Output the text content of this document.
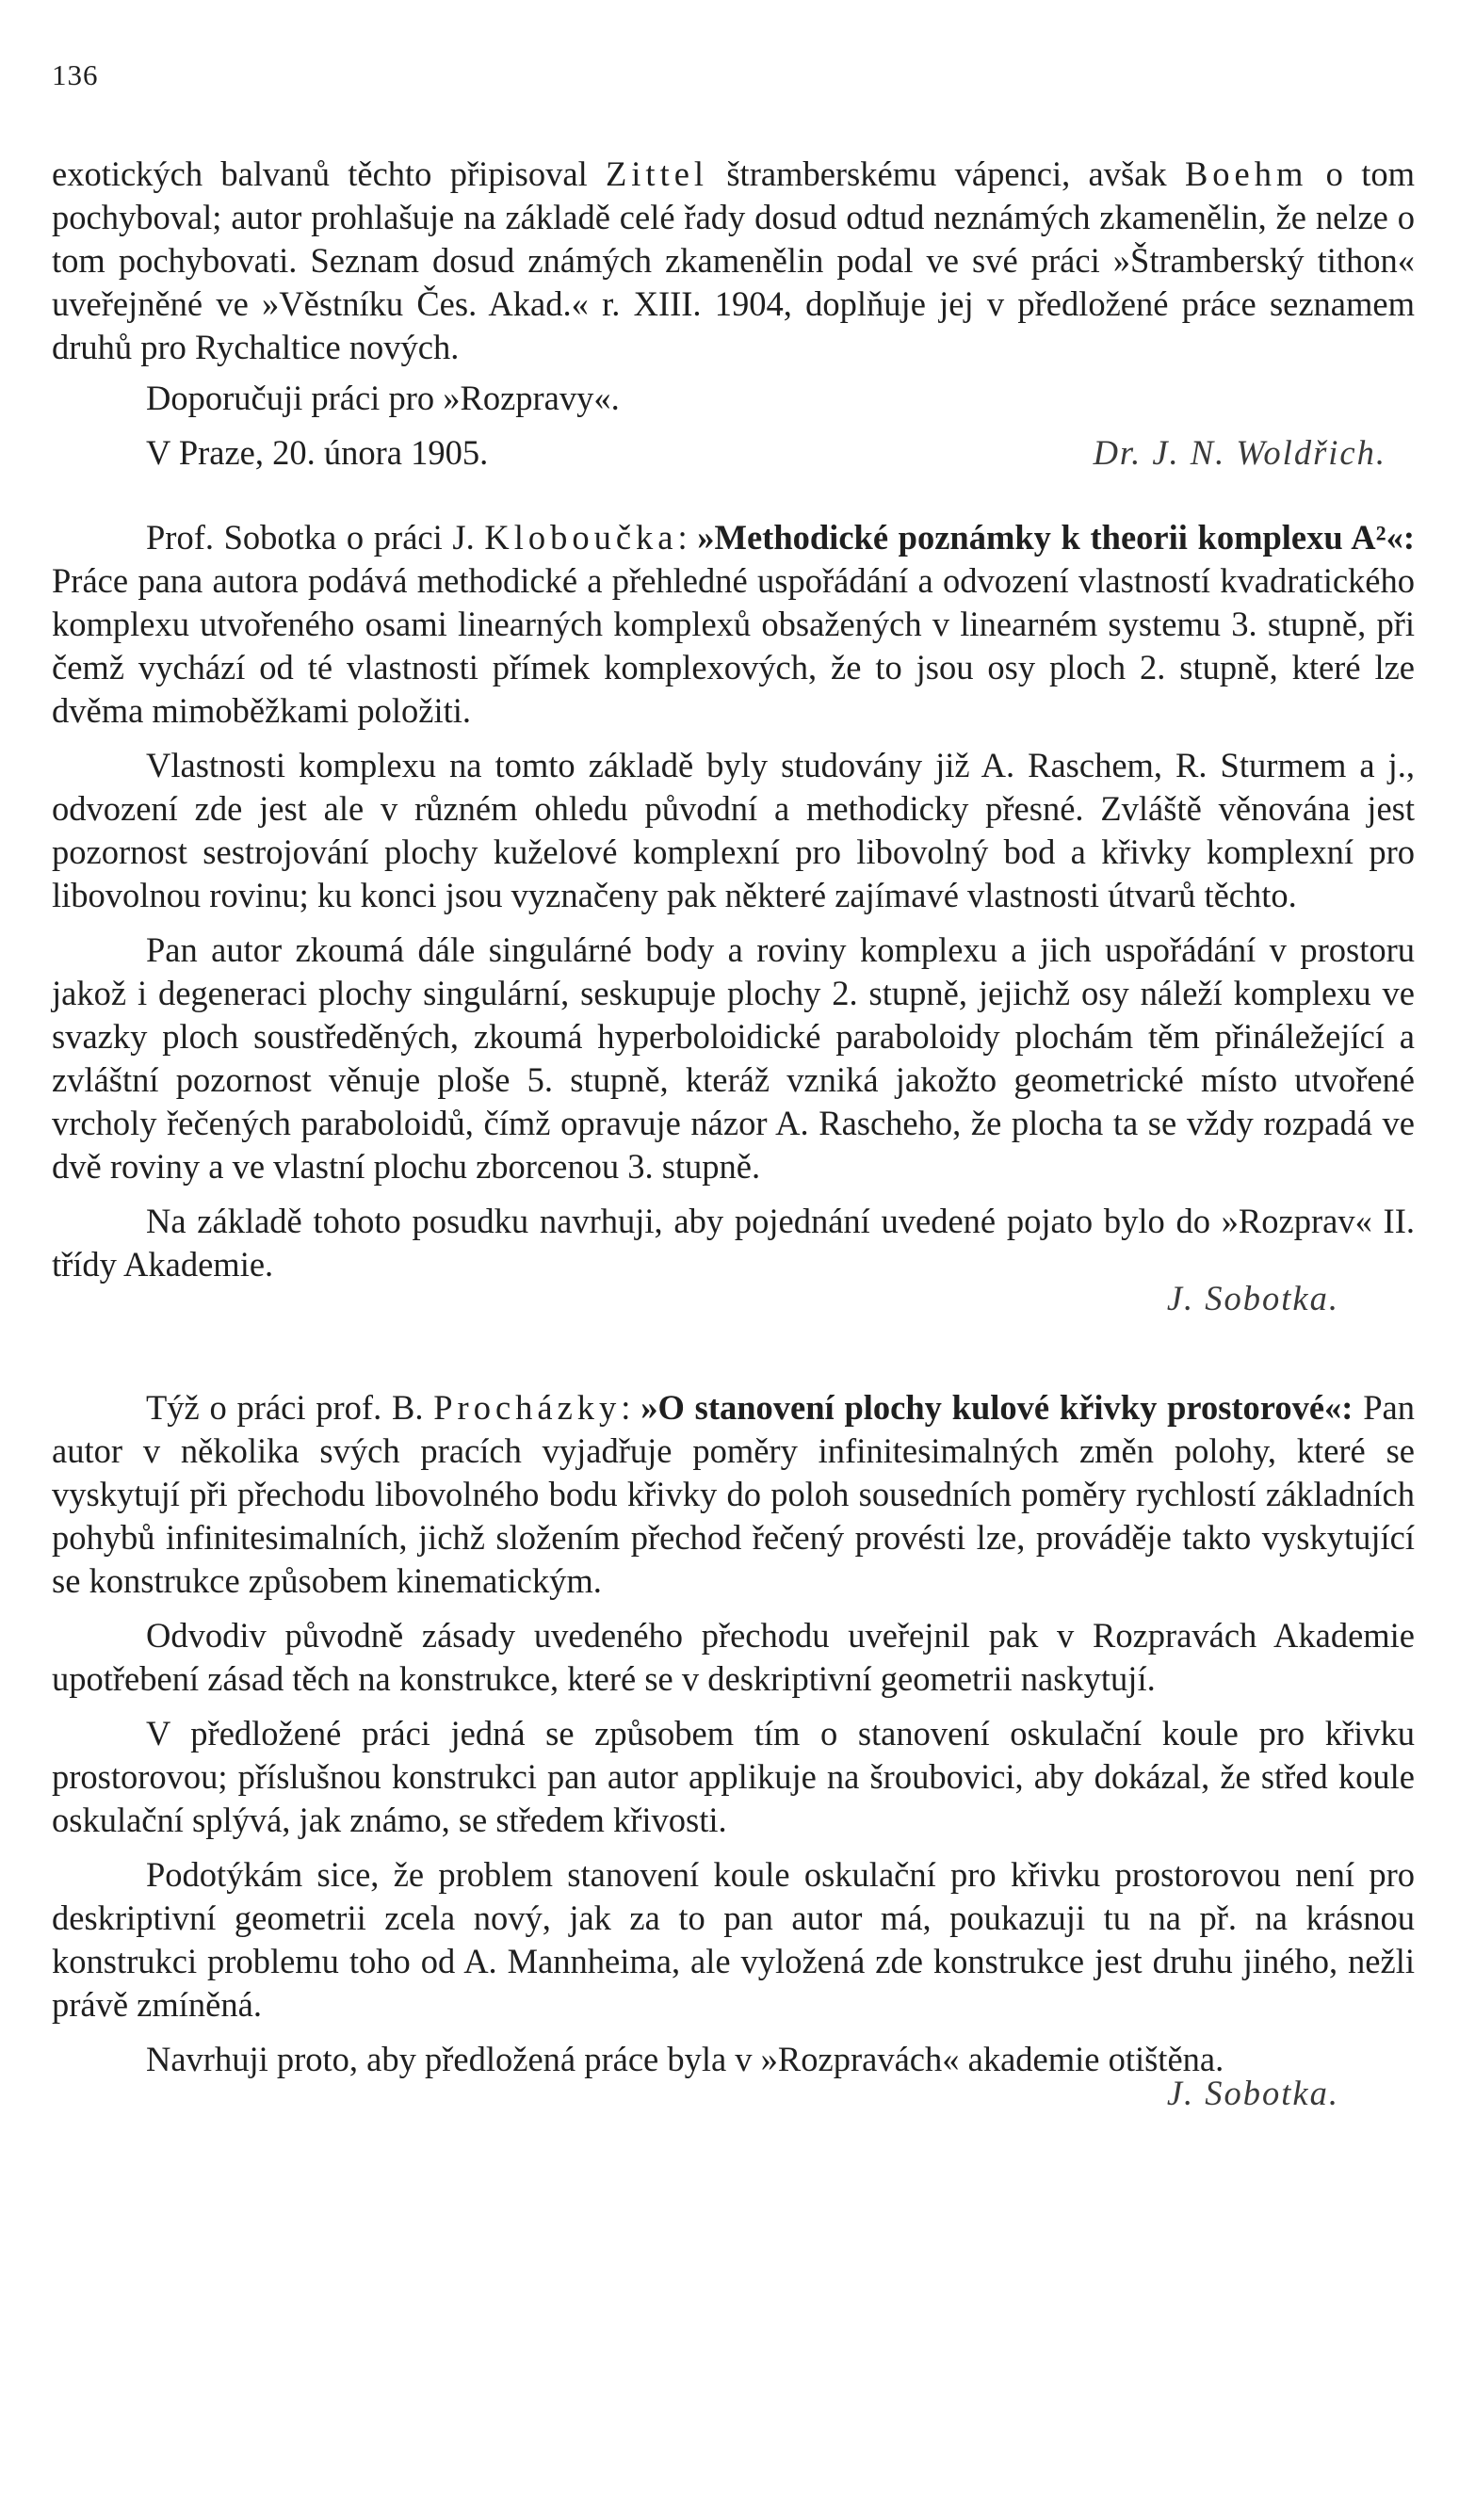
136

exotických balvanů těchto připisoval Zittel štramberskému vápenci, avšak Boehm o tom pochyboval; autor prohlašuje na základě celé řady dosud odtud neznámých zkamenělin, že nelze o tom pochybovati. Seznam dosud známých zkamenělin podal ve své práci »Štramberský tithon« uveřejněné ve »Věstníku Čes. Akad.« r. XIII. 1904, doplňuje jej v předložené práce seznamem druhů pro Rychaltice nových.

Doporučuji práci pro »Rozpravy«.

V Praze, 20. února 1905.	Dr. J. N. Woldřich.

Prof. Sobotka o práci J. Kloboučka: »Methodické poznámky k theorii komplexu A²«: Práce pana autora podává methodické a přehledné uspořádání a odvození vlastností kvadratického komplexu utvořeného osami linearných komplexů obsažených v linearném systemu 3. stupně, při čemž vychází od té vlastnosti přímek komplexových, že to jsou osy ploch 2. stupně, které lze dvěma mimoběžkami položiti.

Vlastnosti komplexu na tomto základě byly studovány již A. Raschem, R. Sturmem a j., odvození zde jest ale v různém ohledu původní a methodicky přesné. Zvláště věnována jest pozornost sestrojování plochy kuželové komplexní pro libovolný bod a křivky komplexní pro libovolnou rovinu; ku konci jsou vyznačeny pak některé zajímavé vlastnosti útvarů těchto.

Pan autor zkoumá dále singulárné body a roviny komplexu a jich uspořádání v prostoru jakož i degeneraci plochy singulární, seskupuje plochy 2. stupně, jejichž osy náleží komplexu ve svazky ploch soustředěných, zkoumá hyperboloidické paraboloidy plochám těm přináležející a zvláštní pozornost věnuje ploše 5. stupně, kteráž vzniká jakožto geometrické místo utvořené vrcholy řečených paraboloidů, čímž opravuje názor A. Rascheho, že plocha ta se vždy rozpadá ve dvě roviny a ve vlastní plochu zborcenou 3. stupně.

Na základě tohoto posudku navrhuji, aby pojednání uvedené pojato bylo do »Rozprav« II. třídy Akademie.

J. Sobotka.

Týž o práci prof. B. Procházky: »O stanovení plochy kulové křivky prostorové«: Pan autor v několika svých pracích vyjadřuje poměry infinitesimalných změn polohy, které se vyskytují při přechodu libovolného bodu křivky do poloh sousedních poměry rychlostí základních pohybů infinitesimalních, jichž složením přechod řečený provésti lze, prováděje takto vyskytující se konstrukce způsobem kinematickým.

Odvodiv původně zásady uvedeného přechodu uveřejnil pak v Rozpravách Akademie upotřebení zásad těch na konstrukce, které se v deskriptivní geometrii naskytují.

V předložené práci jedná se způsobem tím o stanovení oskulační koule pro křivku prostorovou; příslušnou konstrukci pan autor applikuje na šroubovici, aby dokázal, že střed koule oskulační splývá, jak známo, se středem křivosti.

Podotýkám sice, že problem stanovení koule oskulační pro křivku prostorovou není pro deskriptivní geometrii zcela nový, jak za to pan autor má, poukazuji tu na př. na krásnou konstrukci problemu toho od A. Mannheima, ale vyložená zde konstrukce jest druhu jiného, nežli právě zmíněná.

Navrhuji proto, aby předložená práce byla v »Rozpravách« akademie otištěna.

J. Sobotka.
